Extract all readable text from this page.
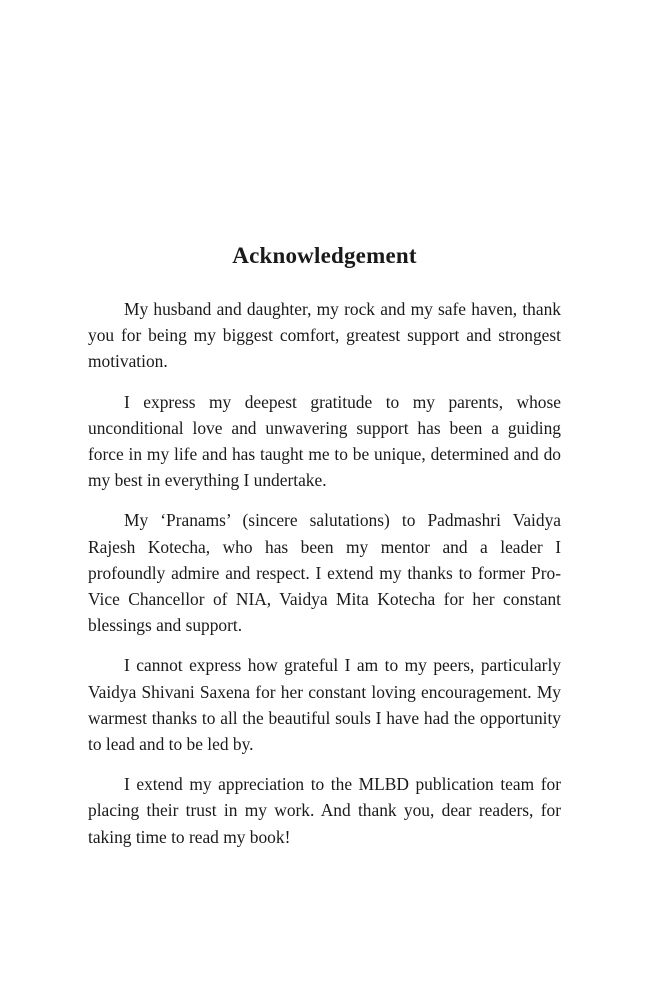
Acknowledgement

My husband and daughter, my rock and my safe haven, thank you for being my biggest comfort, greatest support and strongest motivation.

I express my deepest gratitude to my parents, whose unconditional love and unwavering support has been a guiding force in my life and has taught me to be unique, determined and do my best in everything I undertake.

My ‘Pranams’ (sincere salutations) to Padmashri Vaidya Rajesh Kotecha, who has been my mentor and a leader I profoundly admire and respect. I extend my thanks to former Pro-Vice Chancellor of NIA, Vaidya Mita Kotecha for her constant blessings and support.

I cannot express how grateful I am to my peers, particularly Vaidya Shivani Saxena for her constant loving encouragement. My warmest thanks to all the beautiful souls I have had the opportunity to lead and to be led by.

I extend my appreciation to the MLBD publication team for placing their trust in my work. And thank you, dear readers, for taking time to read my book!
